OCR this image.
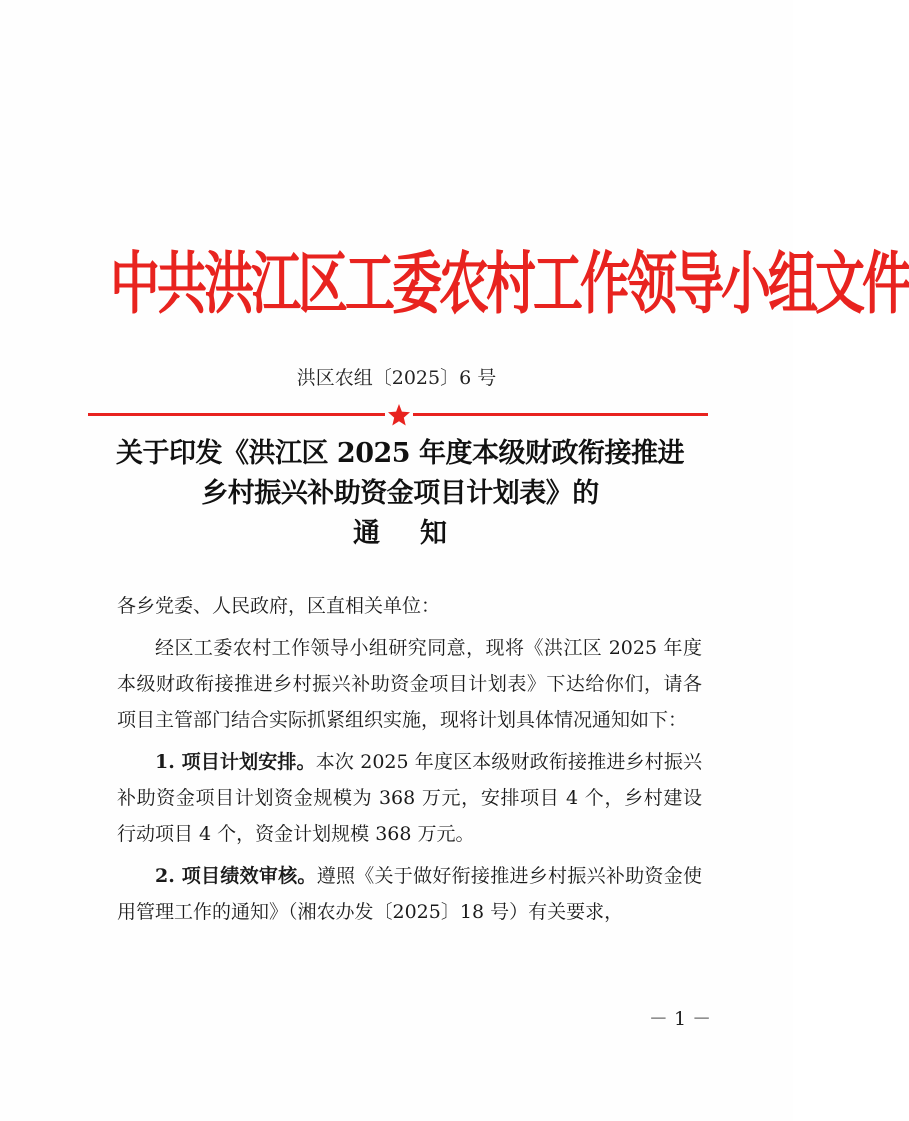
中共洪江区工委农村工作领导小组文件
洪区农组〔2025〕6 号
关于印发《洪江区 2025 年度本级财政衔接推进
乡村振兴补助资金项目计划表》的
通知

各乡党委、人民政府，区直相关单位：

经区工委农村工作领导小组研究同意，现将《洪江区 2025 年度本级财政衔接推进乡村振兴补助资金项目计划表》下达给你们，请各项目主管部门结合实际抓紧组织实施，现将计划具体情况通知如下：

1. 项目计划安排。本次 2025 年度区本级财政衔接推进乡村振兴补助资金项目计划资金规模为 368 万元，安排项目 4 个，乡村建设行动项目 4 个，资金计划规模 368 万元。

2. 项目绩效审核。遵照《关于做好衔接推进乡村振兴补助资金使用管理工作的通知》（湘农办发〔2025〕18 号）有关要求，

－ 1 －
